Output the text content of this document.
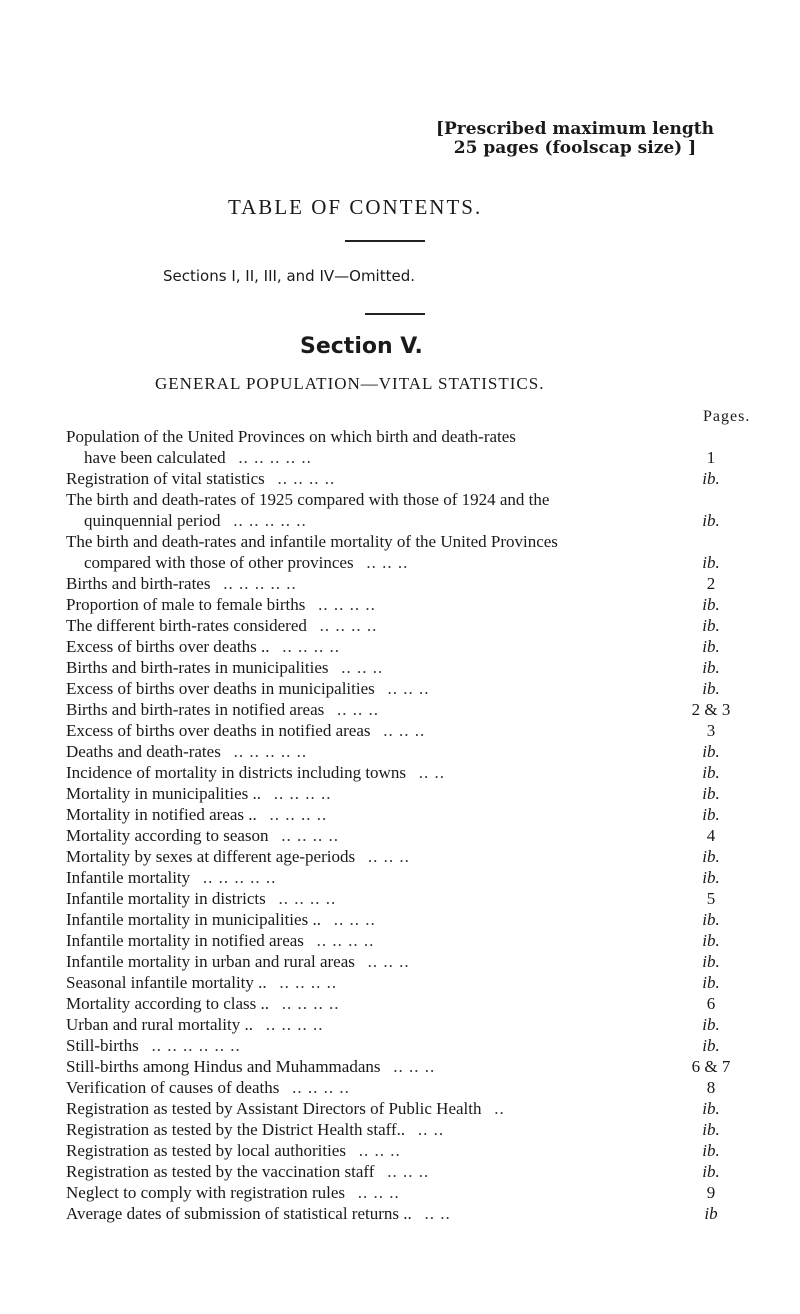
[Prescribed maximum length
25 pages (foolscap size) ]
TABLE OF CONTENTS.
Sections I, II, III, and IV—Omitted.
Section V.
GENERAL POPULATION—VITAL STATISTICS.
Pages.
Population of the United Provinces on which birth and death-rates
have been calculated .. .. .. .. ..	1
Registration of vital statistics .. .. .. ..	ib.
The birth and death-rates of 1925 compared with those of 1924 and the
quinquennial period .. .. .. .. ..	ib.
The birth and death-rates and infantile mortality of the United Provinces
compared with those of other provinces .. .. ..	ib.
Births and birth-rates .. .. .. .. ..	2
Proportion of male to female births .. .. .. ..	ib.
The different birth-rates considered .. .. .. ..	ib.
Excess of births over deaths .. .. .. .. ..	ib.
Births and birth-rates in municipalities .. .. ..	ib.
Excess of births over deaths in municipalities .. .. ..	ib.
Births and birth-rates in notified areas .. .. ..	2 & 3
Excess of births over deaths in notified areas .. .. ..	3
Deaths and death-rates .. .. .. .. ..	ib.
Incidence of mortality in districts including towns .. ..	ib.
Mortality in municipalities .. .. .. .. ..	ib.
Mortality in notified areas .. .. .. .. ..	ib.
Mortality according to season .. .. .. ..	4
Mortality by sexes at different age-periods .. .. ..	ib.
Infantile mortality .. .. .. .. ..	ib.
Infantile mortality in districts .. .. .. ..	5
Infantile mortality in municipalities .. .. .. ..	ib.
Infantile mortality in notified areas .. .. .. ..	ib.
Infantile mortality in urban and rural areas .. .. ..	ib.
Seasonal infantile mortality .. .. .. .. ..	ib.
Mortality according to class .. .. .. .. ..	6
Urban and rural mortality .. .. .. .. ..	ib.
Still-births .. .. .. .. .. ..	ib.
Still-births among Hindus and Muhammadans .. .. ..	6 & 7
Verification of causes of deaths .. .. .. ..	8
Registration as tested by Assistant Directors of Public Health ..	ib.
Registration as tested by the District Health staff.. .. ..	ib.
Registration as tested by local authorities .. .. ..	ib.
Registration as tested by the vaccination staff .. .. ..	ib.
Neglect to comply with registration rules .. .. ..	9
Average dates of submission of statistical returns .. .. ..	ib
